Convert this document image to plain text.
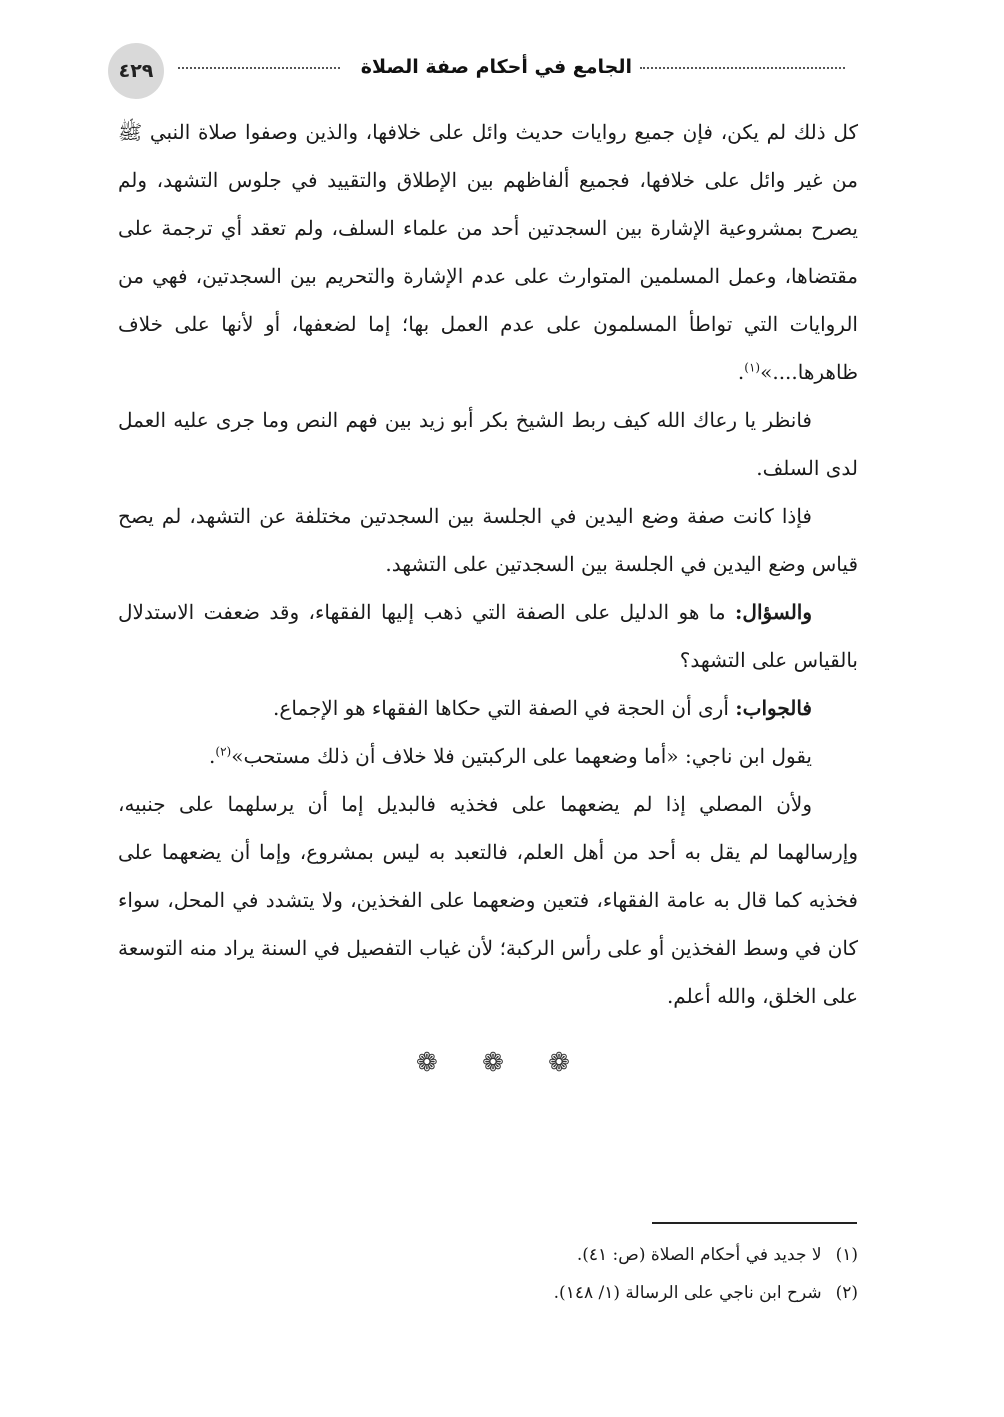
٤٢٩	الجامع في أحكام صفة الصلاة

كل ذلك لم يكن، فإن جميع روايات حديث وائل على خلافها، والذين وصفوا صلاة النبي ﷺ من غير وائل على خلافها، فجميع ألفاظهم بين الإطلاق والتقييد في جلوس التشهد، ولم يصرح بمشروعية الإشارة بين السجدتين أحد من علماء السلف، ولم تعقد أي ترجمة على مقتضاها، وعمل المسلمين المتوارث على عدم الإشارة والتحريم بين السجدتين، فهي من الروايات التي تواطأ المسلمون على عدم العمل بها؛ إما لضعفها، أو لأنها على خلاف ظاهرها....»$^{(١)}$.

فانظر يا رعاك الله كيف ربط الشيخ بكر أبو زيد بين فهم النص وما جرى عليه العمل لدى السلف.

فإذا كانت صفة وضع اليدين في الجلسة بين السجدتين مختلفة عن التشهد، لم يصح قياس وضع اليدين في الجلسة بين السجدتين على التشهد.

والسؤال: ما هو الدليل على الصفة التي ذهب إليها الفقهاء، وقد ضعفت الاستدلال بالقياس على التشهد؟

فالجواب: أرى أن الحجة في الصفة التي حكاها الفقهاء هو الإجماع.

يقول ابن ناجي: «أما وضعهما على الركبتين فلا خلاف أن ذلك مستحب»$^{(٢)}$.

ولأن المصلي إذا لم يضعهما على فخذيه فالبديل إما أن يرسلهما على جنبيه، وإرسالهما لم يقل به أحد من أهل العلم، فالتعبد به ليس بمشروع، وإما أن يضعهما على فخذيه كما قال به عامة الفقهاء، فتعين وضعهما على الفخذين، ولا يتشدد في المحل، سواء كان في وسط الفخذين أو على رأس الركبة؛ لأن غياب التفصيل في السنة يراد منه التوسعة على الخلق، والله أعلم.

❁ ❁ ❁
(١)لا جديد في أحكام الصلاة (ص: ٤١).
(٢)شرح ابن ناجي على الرسالة (١/ ١٤٨).
